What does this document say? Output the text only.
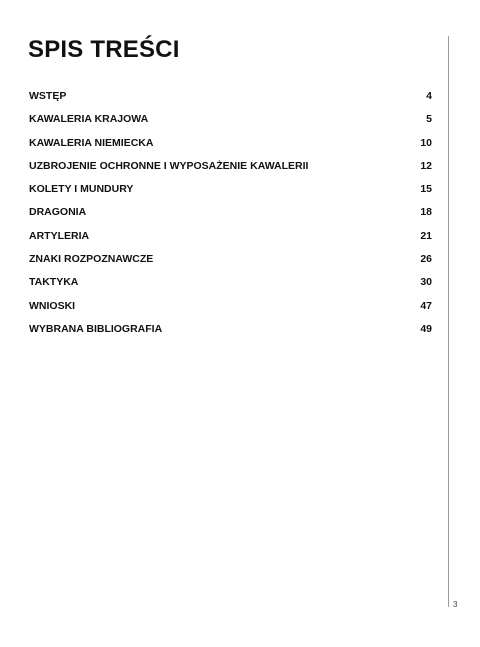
SPIS TREŚCI
WSTĘP	4
KAWALERIA KRAJOWA	5
KAWALERIA NIEMIECKA	10
UZBROJENIE OCHRONNE I WYPOSAŻENIE KAWALERII	12
KOLETY I MUNDURY	15
DRAGONIA	18
ARTYLERIA	21
ZNAKI ROZPOZNAWCZE	26
TAKTYKA	30
WNIOSKI	47
WYBRANA BIBLIOGRAFIA	49
3
